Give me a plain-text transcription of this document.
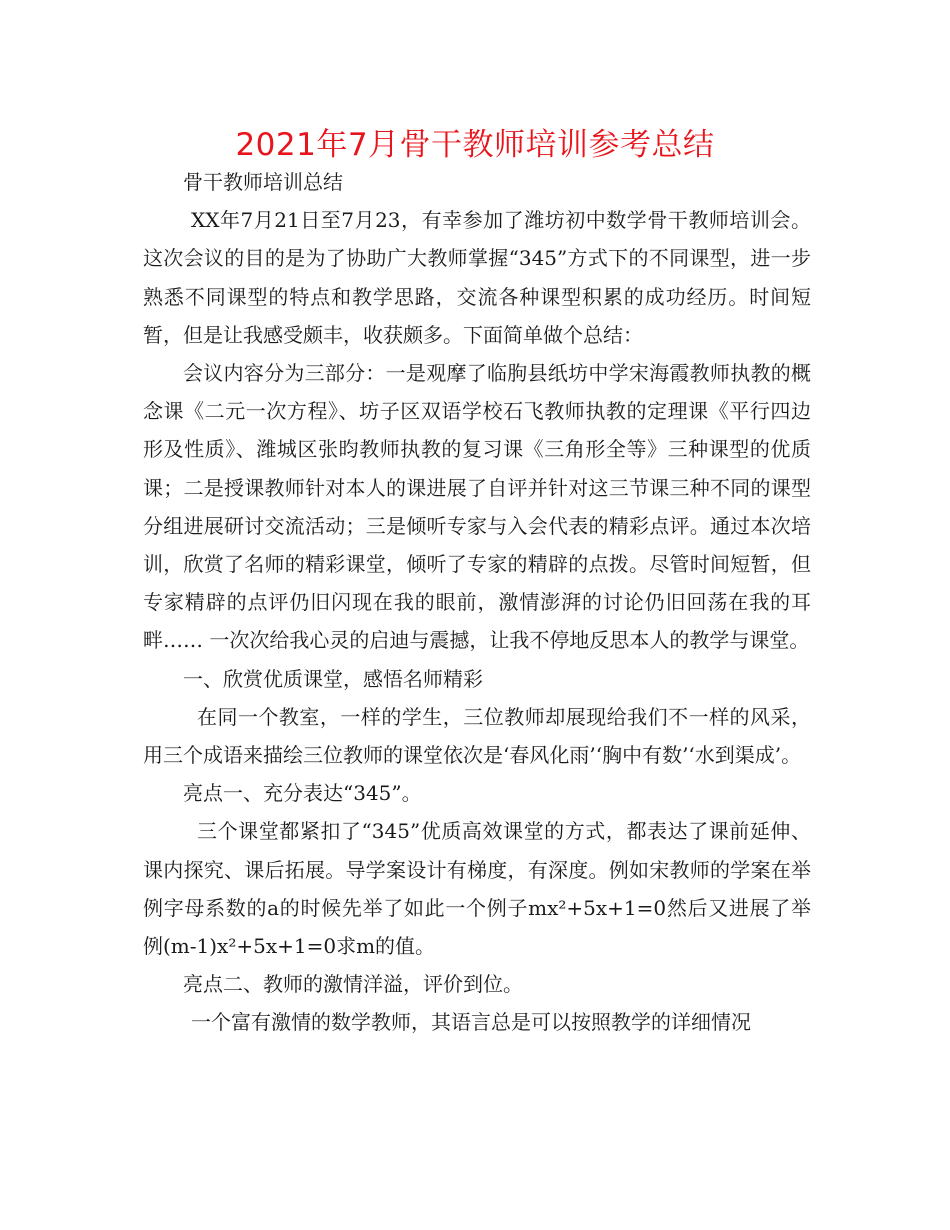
2021年7月骨干教师培训参考总结

骨干教师培训总结

XX年7月21日至7月23，有幸参加了潍坊初中数学骨干教师培训会。这次会议的目的是为了协助广大教师掌握“345”方式下的不同课型，进一步熟悉不同课型的特点和教学思路，交流各种课型积累的成功经历。时间短暂，但是让我感受颇丰，收获颇多。下面简单做个总结：

会议内容分为三部分：一是观摩了临朐县纸坊中学宋海霞教师执教的概念课《二元一次方程》、坊子区双语学校石飞教师执教的定理课《平行四边形及性质》、潍城区张昀教师执教的复习课《三角形全等》三种课型的优质课；二是授课教师针对本人的课进展了自评并针对这三节课三种不同的课型分组进展研讨交流活动；三是倾听专家与入会代表的精彩点评。通过本次培训，欣赏了名师的精彩课堂，倾听了专家的精辟的点拨。尽管时间短暂，但专家精辟的点评仍旧闪现在我的眼前，激情澎湃的讨论仍旧回荡在我的耳畔…… 一次次给我心灵的启迪与震撼，让我不停地反思本人的教学与课堂。

一、欣赏优质课堂，感悟名师精彩

在同一个教室，一样的学生，三位教师却展现给我们不一样的风采，用三个成语来描绘三位教师的课堂依次是‘春风化雨’‘胸中有数’‘水到渠成’。

亮点一、充分表达“345”。

三个课堂都紧扣了“345”优质高效课堂的方式，都表达了课前延伸、课内探究、课后拓展。导学案设计有梯度，有深度。例如宋教师的学案在举例字母系数的a的时候先举了如此一个例子mx²+5x+1=0然后又进展了举例(m-1)x²+5x+1=0求m的值。

亮点二、教师的激情洋溢，评价到位。

一个富有激情的数学教师，其语言总是可以按照教学的详细情况
